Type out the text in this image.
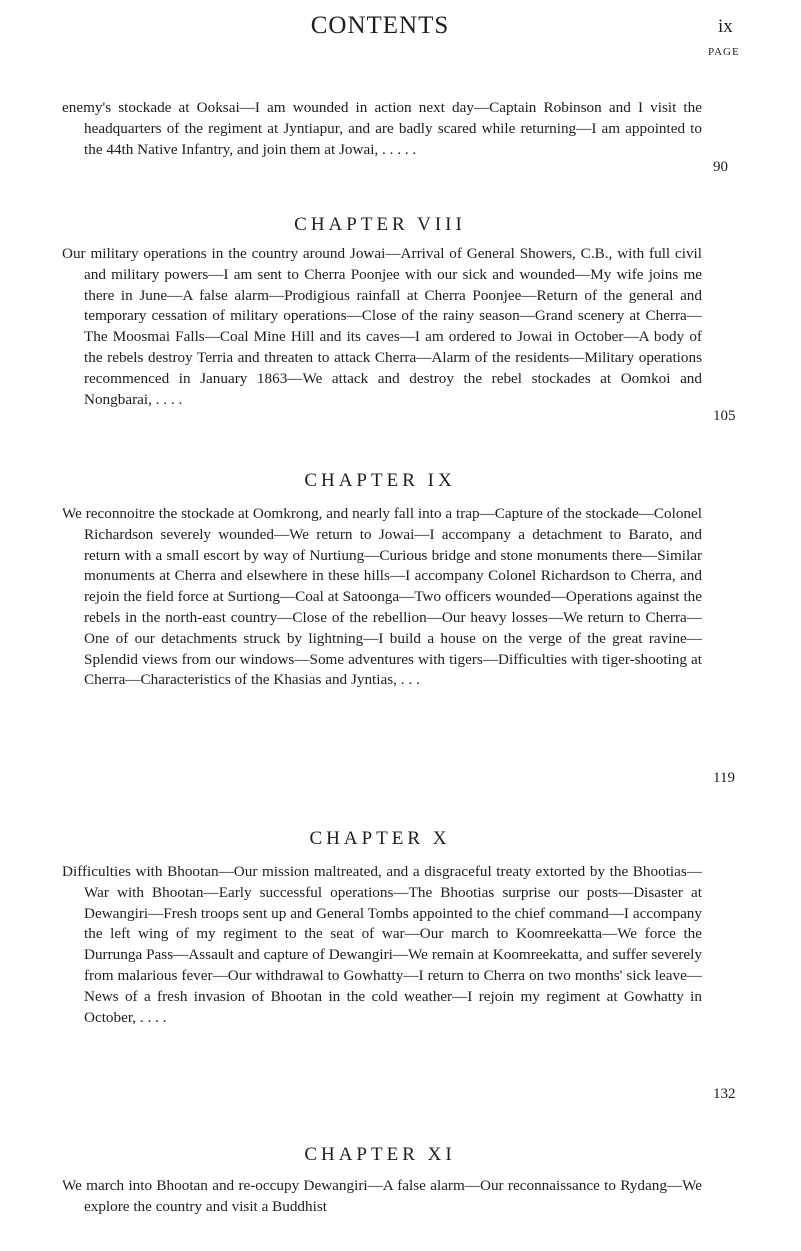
CONTENTS	ix
PAGE
enemy's stockade at Ooksai—I am wounded in action next day—Captain Robinson and I visit the headquarters of the regiment at Jyntiapur, and are badly scared while returning—I am appointed to the 44th Native Infantry, and join them at Jowai, . . . . .
90
CHAPTER VIII
Our military operations in the country around Jowai—Arrival of General Showers, C.B., with full civil and military powers—I am sent to Cherra Poonjee with our sick and wounded—My wife joins me there in June—A false alarm—Prodigious rainfall at Cherra Poonjee—Return of the general and temporary cessation of military operations—Close of the rainy season—Grand scenery at Cherra—The Moosmai Falls—Coal Mine Hill and its caves—I am ordered to Jowai in October—A body of the rebels destroy Terria and threaten to attack Cherra—Alarm of the residents—Military operations recommenced in January 1863—We attack and destroy the rebel stockades at Oomkoi and Nongbarai, . . . .
105
CHAPTER IX
We reconnoitre the stockade at Oomkrong, and nearly fall into a trap—Capture of the stockade—Colonel Richardson severely wounded—We return to Jowai—I accompany a detachment to Barato, and return with a small escort by way of Nurtiung—Curious bridge and stone monuments there—Similar monuments at Cherra and elsewhere in these hills—I accompany Colonel Richardson to Cherra, and rejoin the field force at Surtiong—Coal at Satoonga—Two officers wounded—Operations against the rebels in the north-east country—Close of the rebellion—Our heavy losses—We return to Cherra—One of our detachments struck by lightning—I build a house on the verge of the great ravine—Splendid views from our windows—Some adventures with tigers—Difficulties with tiger-shooting at Cherra—Characteristics of the Khasias and Jyntias, . . .
119
CHAPTER X
Difficulties with Bhootan—Our mission maltreated, and a disgraceful treaty extorted by the Bhootias—War with Bhootan—Early successful operations—The Bhootias surprise our posts—Disaster at Dewangiri—Fresh troops sent up and General Tombs appointed to the chief command—I accompany the left wing of my regiment to the seat of war—Our march to Koomreekatta—We force the Durrunga Pass—Assault and capture of Dewangiri—We remain at Koomreekatta, and suffer severely from malarious fever—Our withdrawal to Gowhatty—I return to Cherra on two months' sick leave—News of a fresh invasion of Bhootan in the cold weather—I rejoin my regiment at Gowhatty in October, . . . .
132
CHAPTER XI
We march into Bhootan and re-occupy Dewangiri—A false alarm—Our reconnaissance to Rydang—We explore the country and visit a Buddhist
